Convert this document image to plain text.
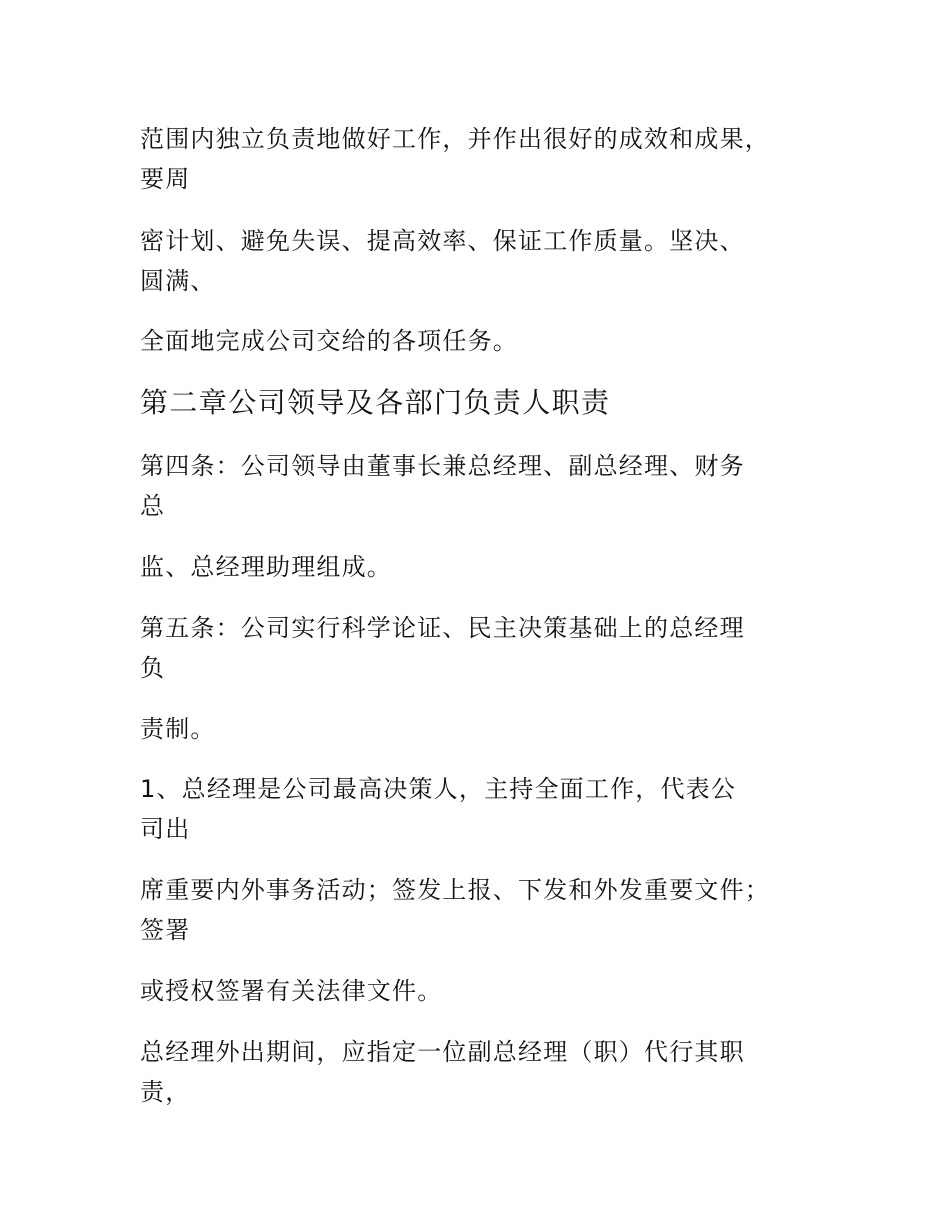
范围内独立负责地做好工作，并作出很好的成效和成果，
要周

密计划、避免失误、提高效率、保证工作质量。坚决、
圆满、

全面地完成公司交给的各项任务。

第二章公司领导及各部门负责人职责

第四条：公司领导由董事长兼总经理、副总经理、财务
总

监、总经理助理组成。

第五条：公司实行科学论证、民主决策基础上的总经理
负

责制。

1、总经理是公司最高决策人，主持全面工作，代表公
司出

席重要内外事务活动；签发上报、下发和外发重要文件；
签署

或授权签署有关法律文件。

总经理外出期间，应指定一位副总经理（职）代行其职
责，
